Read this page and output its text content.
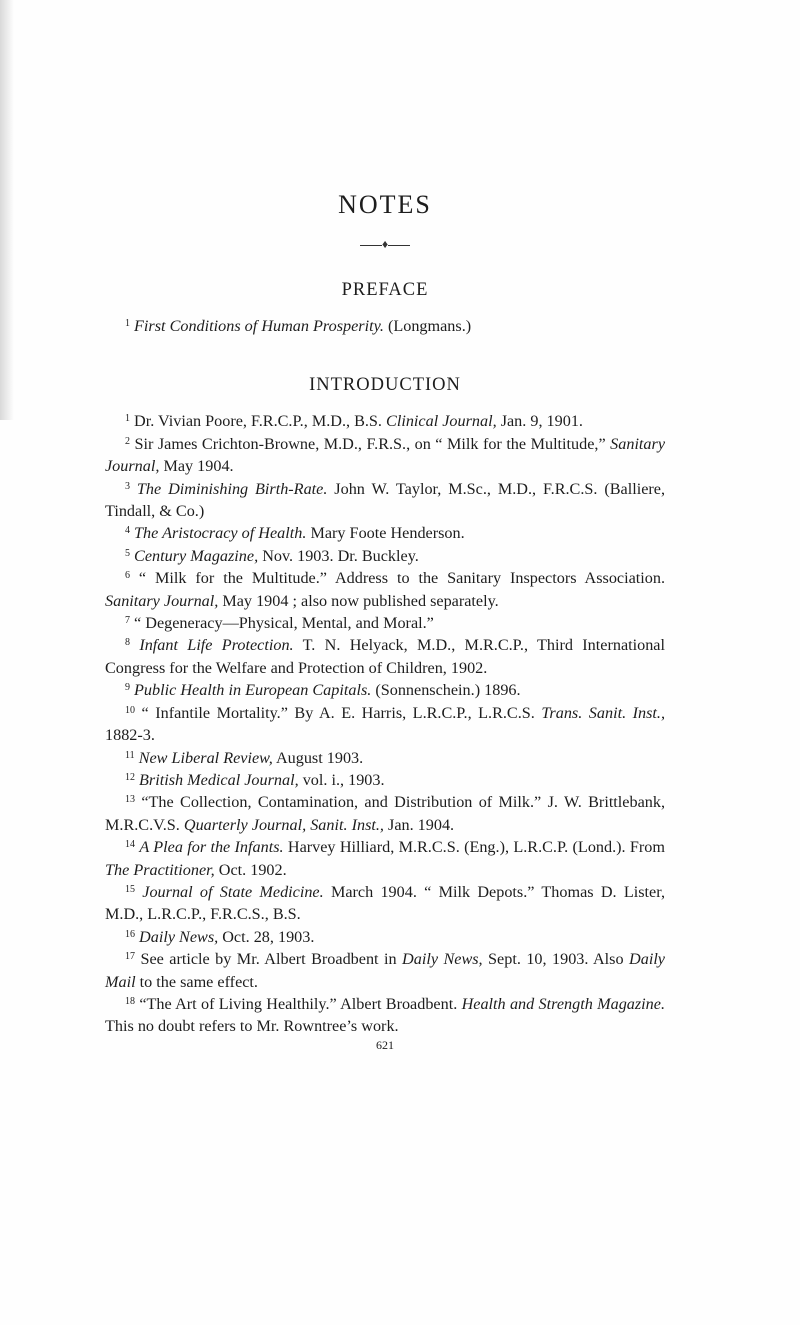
NOTES
♦
PREFACE

$^1$ First Conditions of Human Prosperity. (Longmans.)

INTRODUCTION

$^1$ Dr. Vivian Poore, F.R.C.P., M.D., B.S. Clinical Journal, Jan. 9, 1901.

$^2$ Sir James Crichton-Browne, M.D., F.R.S., on “ Milk for the Multitude,” Sanitary Journal, May 1904.

$^3$ The Diminishing Birth-Rate. John W. Taylor, M.Sc., M.D., F.R.C.S. (Balliere, Tindall, & Co.)

$^4$ The Aristocracy of Health. Mary Foote Henderson.

$^5$ Century Magazine, Nov. 1903. Dr. Buckley.

$^6$ “ Milk for the Multitude.” Address to the Sanitary Inspectors Association. Sanitary Journal, May 1904 ; also now published separately.

$^7$ “ Degeneracy—Physical, Mental, and Moral.”

$^8$ Infant Life Protection. T. N. Helyack, M.D., M.R.C.P., Third International Congress for the Welfare and Protection of Children, 1902.

$^9$ Public Health in European Capitals. (Sonnenschein.) 1896.

$^{10}$ “ Infantile Mortality.” By A. E. Harris, L.R.C.P., L.R.C.S. Trans. Sanit. Inst., 1882-3.

$^{11}$ New Liberal Review, August 1903.

$^{12}$ British Medical Journal, vol. i., 1903.

$^{13}$ “The Collection, Contamination, and Distribution of Milk.” J. W. Brittlebank, M.R.C.V.S. Quarterly Journal, Sanit. Inst., Jan. 1904.

$^{14}$ A Plea for the Infants. Harvey Hilliard, M.R.C.S. (Eng.), L.R.C.P. (Lond.). From The Practitioner, Oct. 1902.

$^{15}$ Journal of State Medicine. March 1904. “ Milk Depots.” Thomas D. Lister, M.D., L.R.C.P., F.R.C.S., B.S.

$^{16}$ Daily News, Oct. 28, 1903.

$^{17}$ See article by Mr. Albert Broadbent in Daily News, Sept. 10, 1903. Also Daily Mail to the same effect.

$^{18}$ “The Art of Living Healthily.” Albert Broadbent. Health and Strength Magazine. This no doubt refers to Mr. Rowntree’s work.

621
